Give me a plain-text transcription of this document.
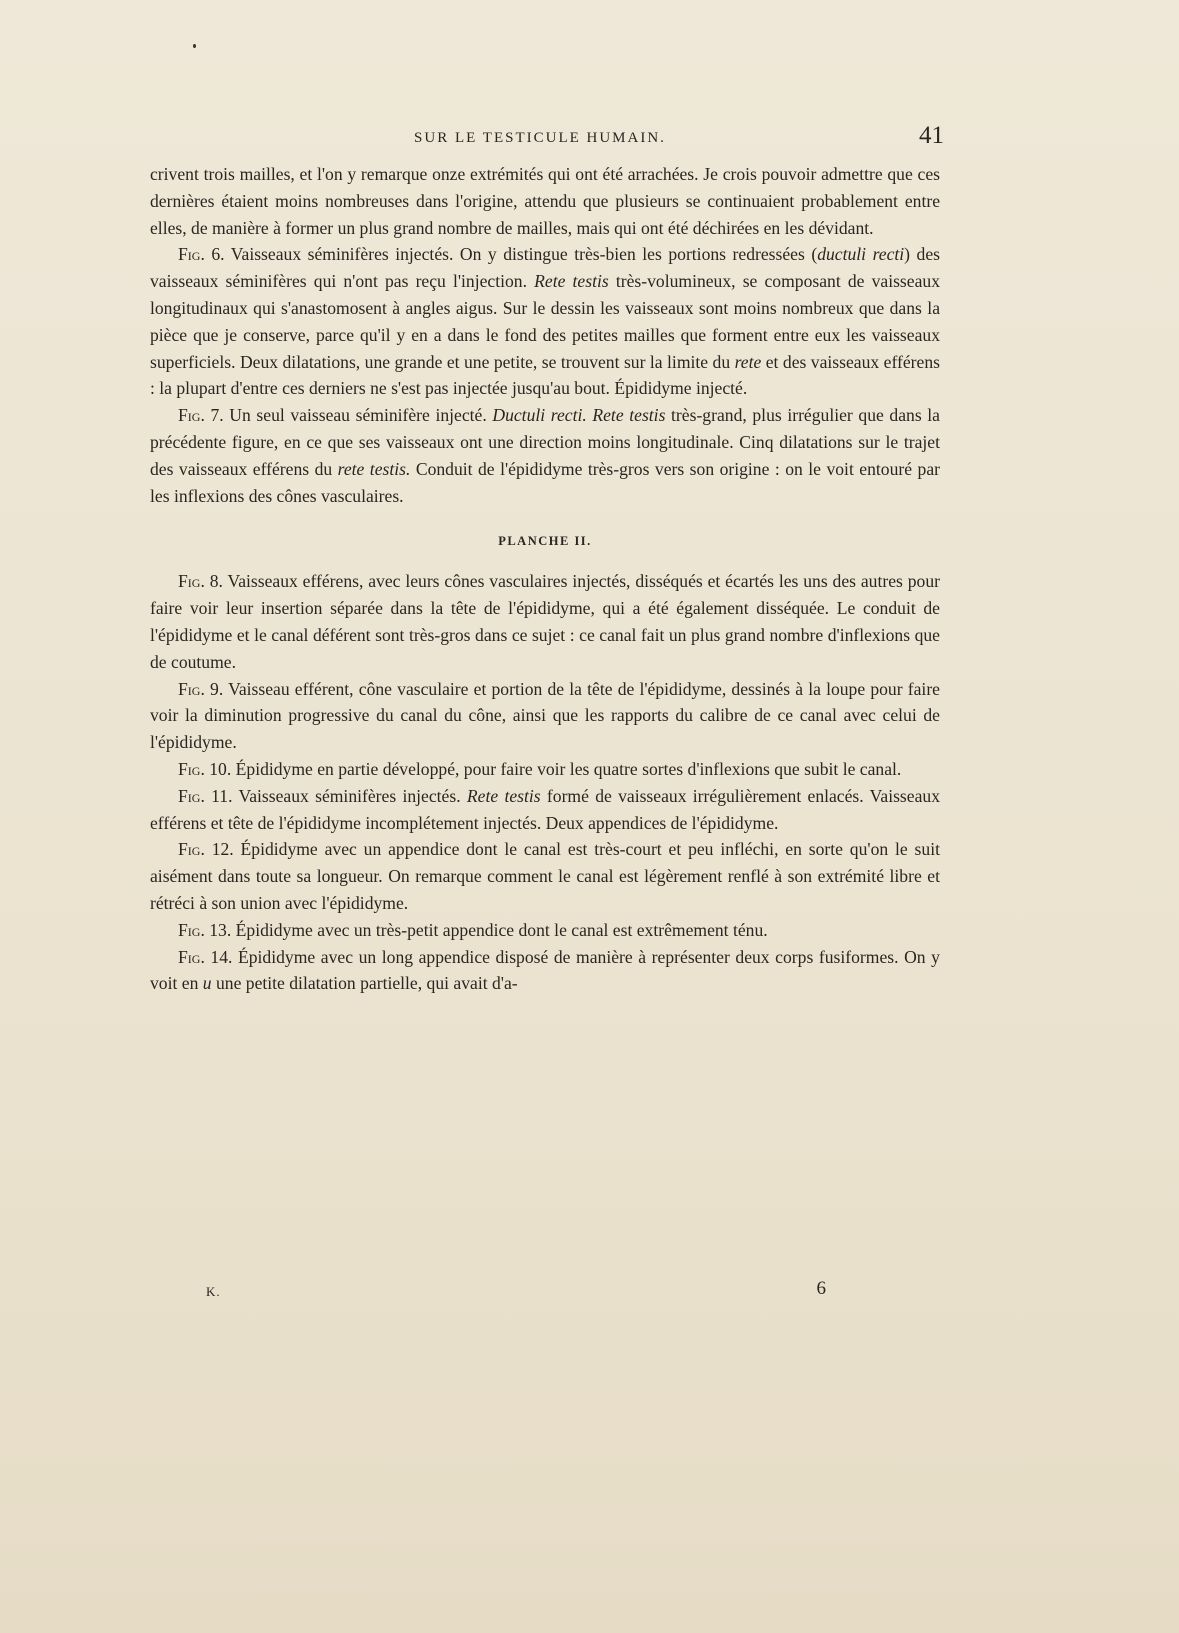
SUR LE TESTICULE HUMAIN.	41

crivent trois mailles, et l'on y remarque onze extrémités qui ont été arrachées. Je crois pouvoir admettre que ces dernières étaient moins nombreuses dans l'origine, attendu que plusieurs se continuaient probablement entre elles, de manière à former un plus grand nombre de mailles, mais qui ont été déchirées en les dévidant.

Fig. 6. Vaisseaux séminifères injectés. On y distingue très-bien les portions redressées (ductuli recti) des vaisseaux séminifères qui n'ont pas reçu l'injection. Rete testis très-volumineux, se composant de vaisseaux longitudinaux qui s'anastomosent à angles aigus. Sur le dessin les vaisseaux sont moins nombreux que dans la pièce que je conserve, parce qu'il y en a dans le fond des petites mailles que forment entre eux les vaisseaux superficiels. Deux dilatations, une grande et une petite, se trouvent sur la limite du rete et des vaisseaux efférens : la plupart d'entre ces derniers ne s'est pas injectée jusqu'au bout. Épididyme injecté.

Fig. 7. Un seul vaisseau séminifère injecté. Ductuli recti. Rete testis très-grand, plus irrégulier que dans la précédente figure, en ce que ses vaisseaux ont une direction moins longitudinale. Cinq dilatations sur le trajet des vaisseaux efférens du rete testis. Conduit de l'épididyme très-gros vers son origine : on le voit entouré par les inflexions des cônes vasculaires.

PLANCHE II.

Fig. 8. Vaisseaux efférens, avec leurs cônes vasculaires injectés, disséqués et écartés les uns des autres pour faire voir leur insertion séparée dans la tête de l'épididyme, qui a été également disséquée. Le conduit de l'épididyme et le canal déférent sont très-gros dans ce sujet : ce canal fait un plus grand nombre d'inflexions que de coutume.

Fig. 9. Vaisseau efférent, cône vasculaire et portion de la tête de l'épididyme, dessinés à la loupe pour faire voir la diminution progressive du canal du cône, ainsi que les rapports du calibre de ce canal avec celui de l'épididyme.

Fig. 10. Épididyme en partie développé, pour faire voir les quatre sortes d'inflexions que subit le canal.

Fig. 11. Vaisseaux séminifères injectés. Rete testis formé de vaisseaux irrégulièrement enlacés. Vaisseaux efférens et tête de l'épididyme incomplétement injectés. Deux appendices de l'épididyme.

Fig. 12. Épididyme avec un appendice dont le canal est très-court et peu infléchi, en sorte qu'on le suit aisément dans toute sa longueur. On remarque comment le canal est légèrement renflé à son extrémité libre et rétréci à son union avec l'épididyme.

Fig. 13. Épididyme avec un très-petit appendice dont le canal est extrêmement ténu.

Fig. 14. Épididyme avec un long appendice disposé de manière à représenter deux corps fusiformes. On y voit en u une petite dilatation partielle, qui avait d'a-

K.	6
